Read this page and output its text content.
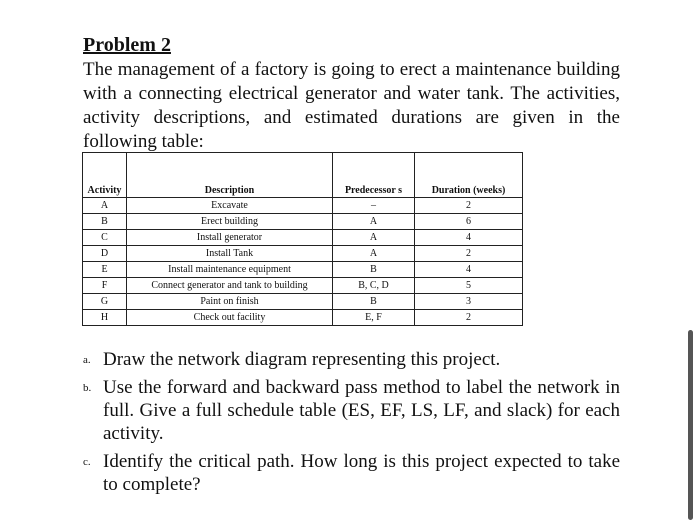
Problem 2
The management of a factory is going to erect a maintenance building with a connecting electrical generator and water tank. The activities, activity descriptions, and estimated durations are given in the following table:
Activity	Description	Predecessor s	Duration (weeks)
A	Excavate	–	2
B	Erect building	A	6
C	Install generator	A	4
D	Install Tank	A	2
E	Install maintenance equipment	B	4
F	Connect generator and tank to building	B, C, D	5
G	Paint on finish	B	3
H	Check out facility	E, F	2
a. Draw the network diagram representing this project.
b. Use the forward and backward pass method to label the network in full. Give a full schedule table (ES, EF, LS, LF, and slack) for each activity.
c. Identify the critical path. How long is this project expected to take to complete?
